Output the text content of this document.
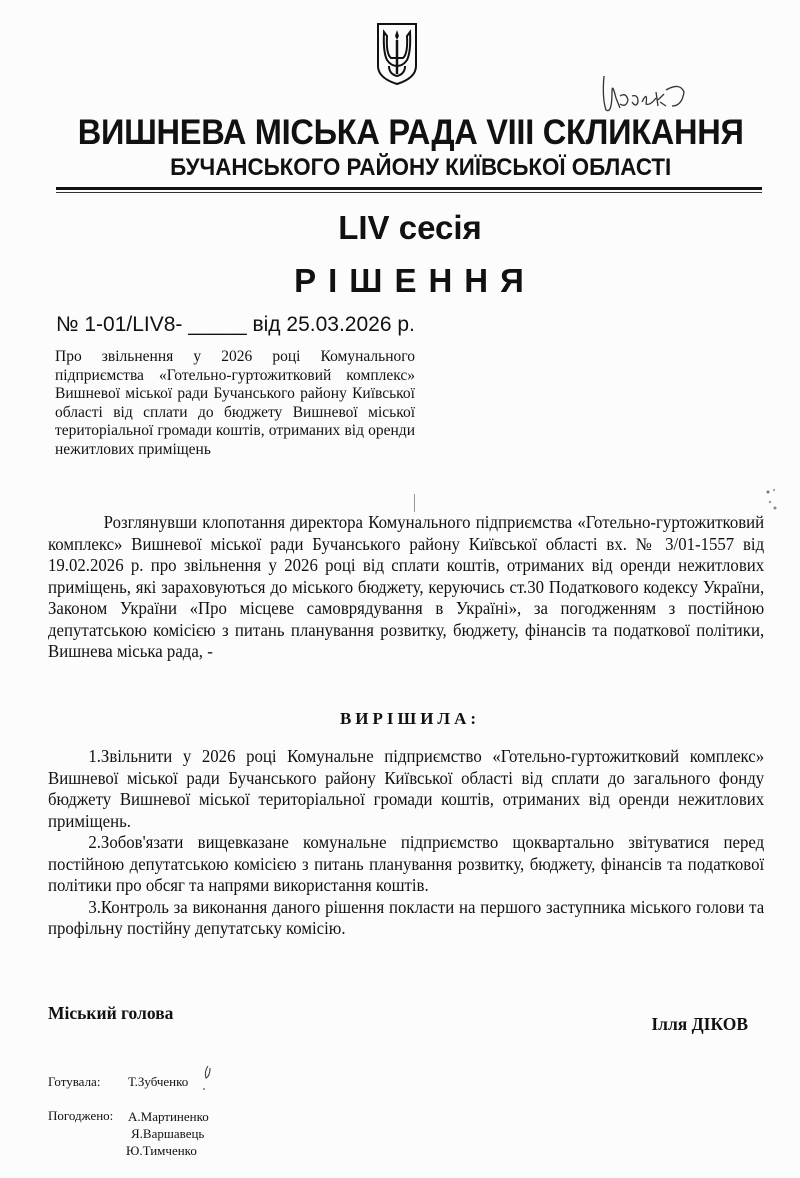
ВИШНЕВА МІСЬКА РАДА VIII СКЛИКАННЯ
БУЧАНСЬКОГО РАЙОНУ КИЇВСЬКОЇ ОБЛАСТІ
LIV сесія
РІШЕННЯ
№ 1-01/LIV8- _____ від 25.03.2026 р.
Про звільнення у 2026 році Комунального підприємства «Готельно-гуртожитковий комплекс» Вишневої міської ради Бучанського району Київської області від сплати до бюджету Вишневої міської територіальної громади коштів, отриманих від оренди нежитлових приміщень

Розглянувши клопотання директора Комунального підприємства «Готельно-гуртожитковий комплекс» Вишневої міської ради Бучанського району Київської області вх. № 3/01-1557 від 19.02.2026 р. про звільнення у 2026 році від сплати коштів, отриманих від оренди нежитлових приміщень, які зараховуються до міського бюджету, керуючись ст.30 Податкового кодексу України, Законом України «Про місцеве самоврядування в Україні», за погодженням з постійною депутатською комісією з питань планування розвитку, бюджету, фінансів та податкової політики, Вишнева міська рада, -

ВИРІШИЛА:

1.Звільнити у 2026 році Комунальне підприємство «Готельно-гуртожитковий комплекс» Вишневої міської ради Бучанського району Київської області від сплати до загального фонду бюджету Вишневої міської територіальної громади коштів, отриманих від оренди нежитлових приміщень.

2.Зобов'язати вищевказане комунальне підприємство щоквартально звітуватися перед постійною депутатською комісією з питань планування розвитку, бюджету, фінансів та податкової політики про обсяг та напрями використання коштів.

3.Контроль за виконання даного рішення покласти на першого заступника міського голови та профільну постійну депутатську комісію.

Міський голова
Ілля ДІКОВ
Готувала: Т.Зубченко
Погоджено: А.Мартиненко
Я.Варшавець
Ю.Тимченко
